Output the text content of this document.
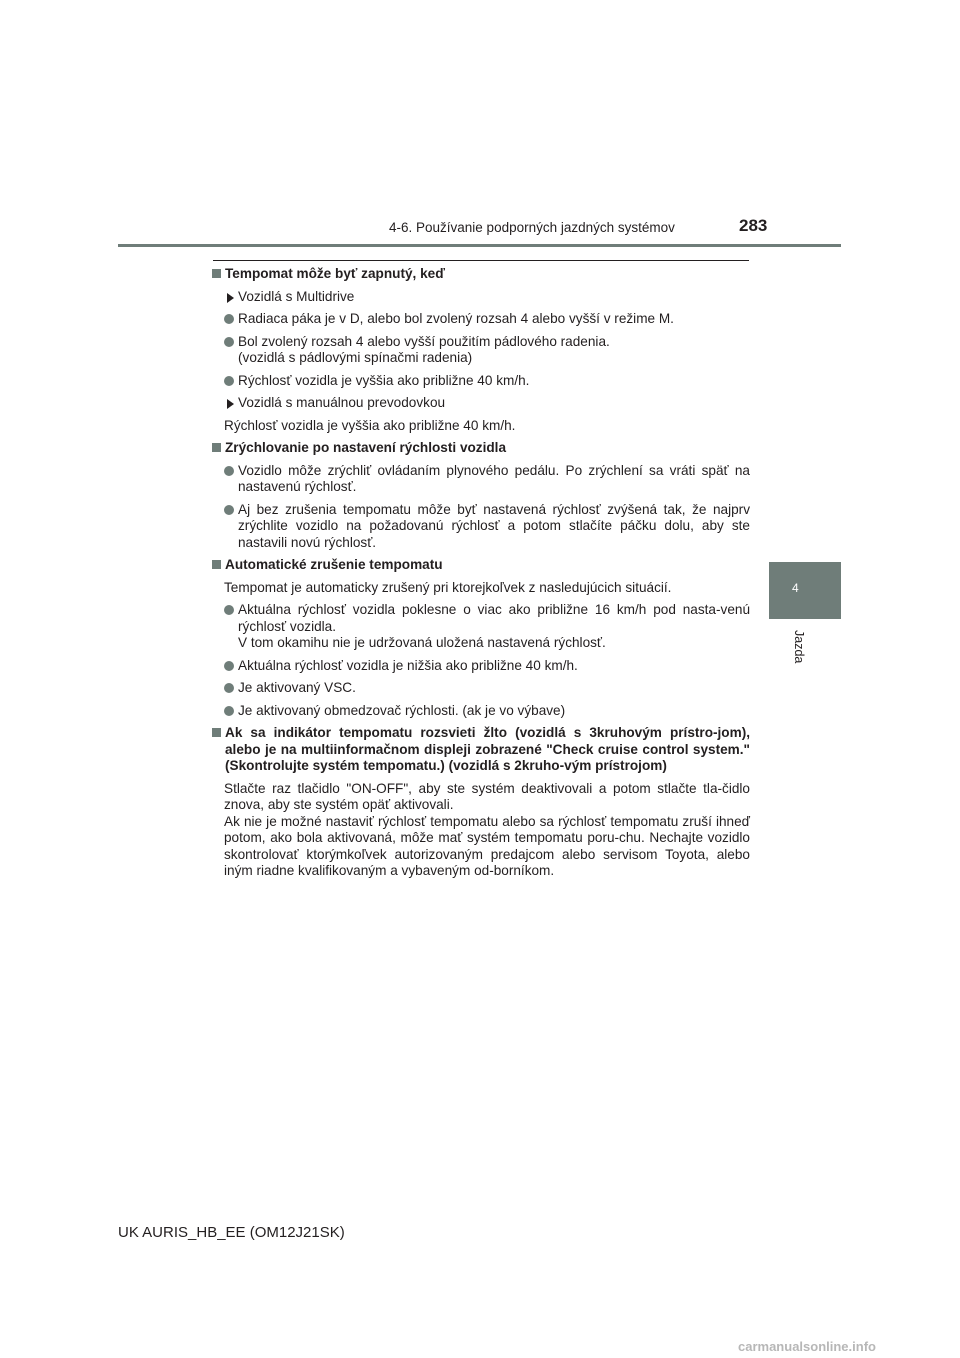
4-6. Používanie podporných jazdných systémov	283
4
Jazda
Tempomat môže byť zapnutý, keď
Vozidlá s Multidrive
Radiaca páka je v D, alebo bol zvolený rozsah 4 alebo vyšší v režime M.
Bol zvolený rozsah 4 alebo vyšší použitím pádlového radenia.
(vozidlá s pádlovými spínačmi radenia)
Rýchlosť vozidla je vyššia ako približne 40 km/h.
Vozidlá s manuálnou prevodovkou
Rýchlosť vozidla je vyššia ako približne 40 km/h.
Zrýchlovanie po nastavení rýchlosti vozidla
Vozidlo môže zrýchliť ovládaním plynového pedálu. Po zrýchlení sa vráti späť na nastavenú rýchlosť.
Aj bez zrušenia tempomatu môže byť nastavená rýchlosť zvýšená tak, že najprv zrýchlite vozidlo na požadovanú rýchlosť a potom stlačíte páčku dolu, aby ste nastavili novú rýchlosť.
Automatické zrušenie tempomatu
Tempomat je automaticky zrušený pri ktorejkoľvek z nasledujúcich situácií.
Aktuálna rýchlosť vozidla poklesne o viac ako približne 16 km/h pod nasta-venú rýchlosť vozidla.
V tom okamihu nie je udržovaná uložená nastavená rýchlosť.
Aktuálna rýchlosť vozidla je nižšia ako približne 40 km/h.
Je aktivovaný VSC.
Je aktivovaný obmedzovač rýchlosti. (ak je vo výbave)
Ak sa indikátor tempomatu rozsvieti žlto (vozidlá s 3kruhovým prístro-jom), alebo je na multiinformačnom displeji zobrazené "Check cruise control system." (Skontrolujte systém tempomatu.) (vozidlá s 2kruho-vým prístrojom)
Stlačte raz tlačidlo "ON-OFF", aby ste systém deaktivovali a potom stlačte tla-čidlo znova, aby ste systém opäť aktivovali.
Ak nie je možné nastaviť rýchlosť tempomatu alebo sa rýchlosť tempomatu zruší ihneď potom, ako bola aktivovaná, môže mať systém tempomatu poru-chu. Nechajte vozidlo skontrolovať ktorýmkoľvek autorizovaným predajcom alebo servisom Toyota, alebo iným riadne kvalifikovaným a vybaveným od-borníkom.
UK AURIS_HB_EE (OM12J21SK)
carmanualsonline.info
